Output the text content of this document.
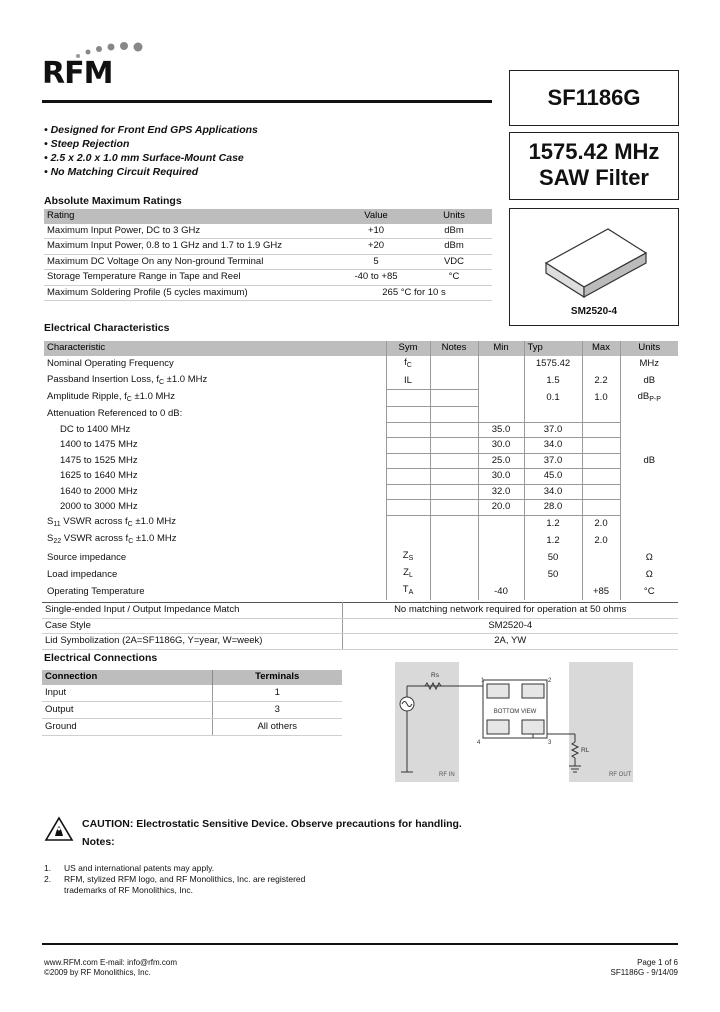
RFM
SF1186G
1575.42 MHz
SAW Filter
SM2520-4
• Designed for Front End GPS Applications
• Steep Rejection
• 2.5 x 2.0 x 1.0 mm Surface-Mount Case
• No Matching Circuit Required
Absolute Maximum Ratings
Rating	Value	Units
Maximum Input Power, DC to 3 GHz	+10	dBm
Maximum Input Power, 0.8 to 1 GHz and 1.7 to 1.9 GHz	+20	dBm
Maximum DC Voltage On any Non-ground Terminal	5	VDC
Storage Temperature Range in Tape and Reel	-40 to +85	°C
Maximum Soldering Profile (5 cycles maximum)	265 °C for 10 s	
Electrical Characteristics
Characteristic	Sym	Notes	Min	Typ	Max	Units
Nominal Operating Frequency	$f_C$			1575.42		MHz
Passband Insertion Loss, $f_C \pm 1.0$ MHz	IL			1.5	2.2	dB
Amplitude Ripple, $f_C \pm 1.0$ MHz				0.1	1.0	$dB_{P-P}$
Attenuation Referenced to 0 dB:						
DC to 1400 MHz			35.0	37.0		
1400 to 1475 MHz			30.0	34.0		
1475 to 1525 MHz			25.0	37.0		dB
1625 to 1640 MHz			30.0	45.0		
1640 to 2000 MHz			32.0	34.0		
2000 to 3000 MHz			20.0	28.0		
$S_{11}$ VSWR across $f_C \pm 1.0$ MHz				1.2	2.0	
$S_{22}$ VSWR across $f_C \pm 1.0$ MHz				1.2	2.0	
Source impedance	$Z_S$			50		Ω
Load impedance	$Z_L$			50		Ω
Operating Temperature	$T_A$		-40		+85	°C
Single-ended Input / Output Impedance Match	No matching network required for operation at 50 ohms
Case Style	SM2520-4
Lid Symbolization (2A=SF1186G, Y=year, W=week)	2A, YW
Electrical Connections
Connection	Terminals
Input	1
Output	3
Ground	All others
Rs
RF IN
BOTTOM VIEW
1	2
3
4
RL
RF OUT
CAUTION: Electrostatic Sensitive Device. Observe precautions for handling.
Notes:
1. US and international patents may apply.
2.	RFM, stylized RFM logo, and RF Monolithics, Inc. are registered trademarks of RF Monolithics, Inc.
www.RFM.com E-mail: info@rfm.com
©2009 by RF Monolithics, Inc.
Page 1 of 6
SF1186G - 9/14/09
